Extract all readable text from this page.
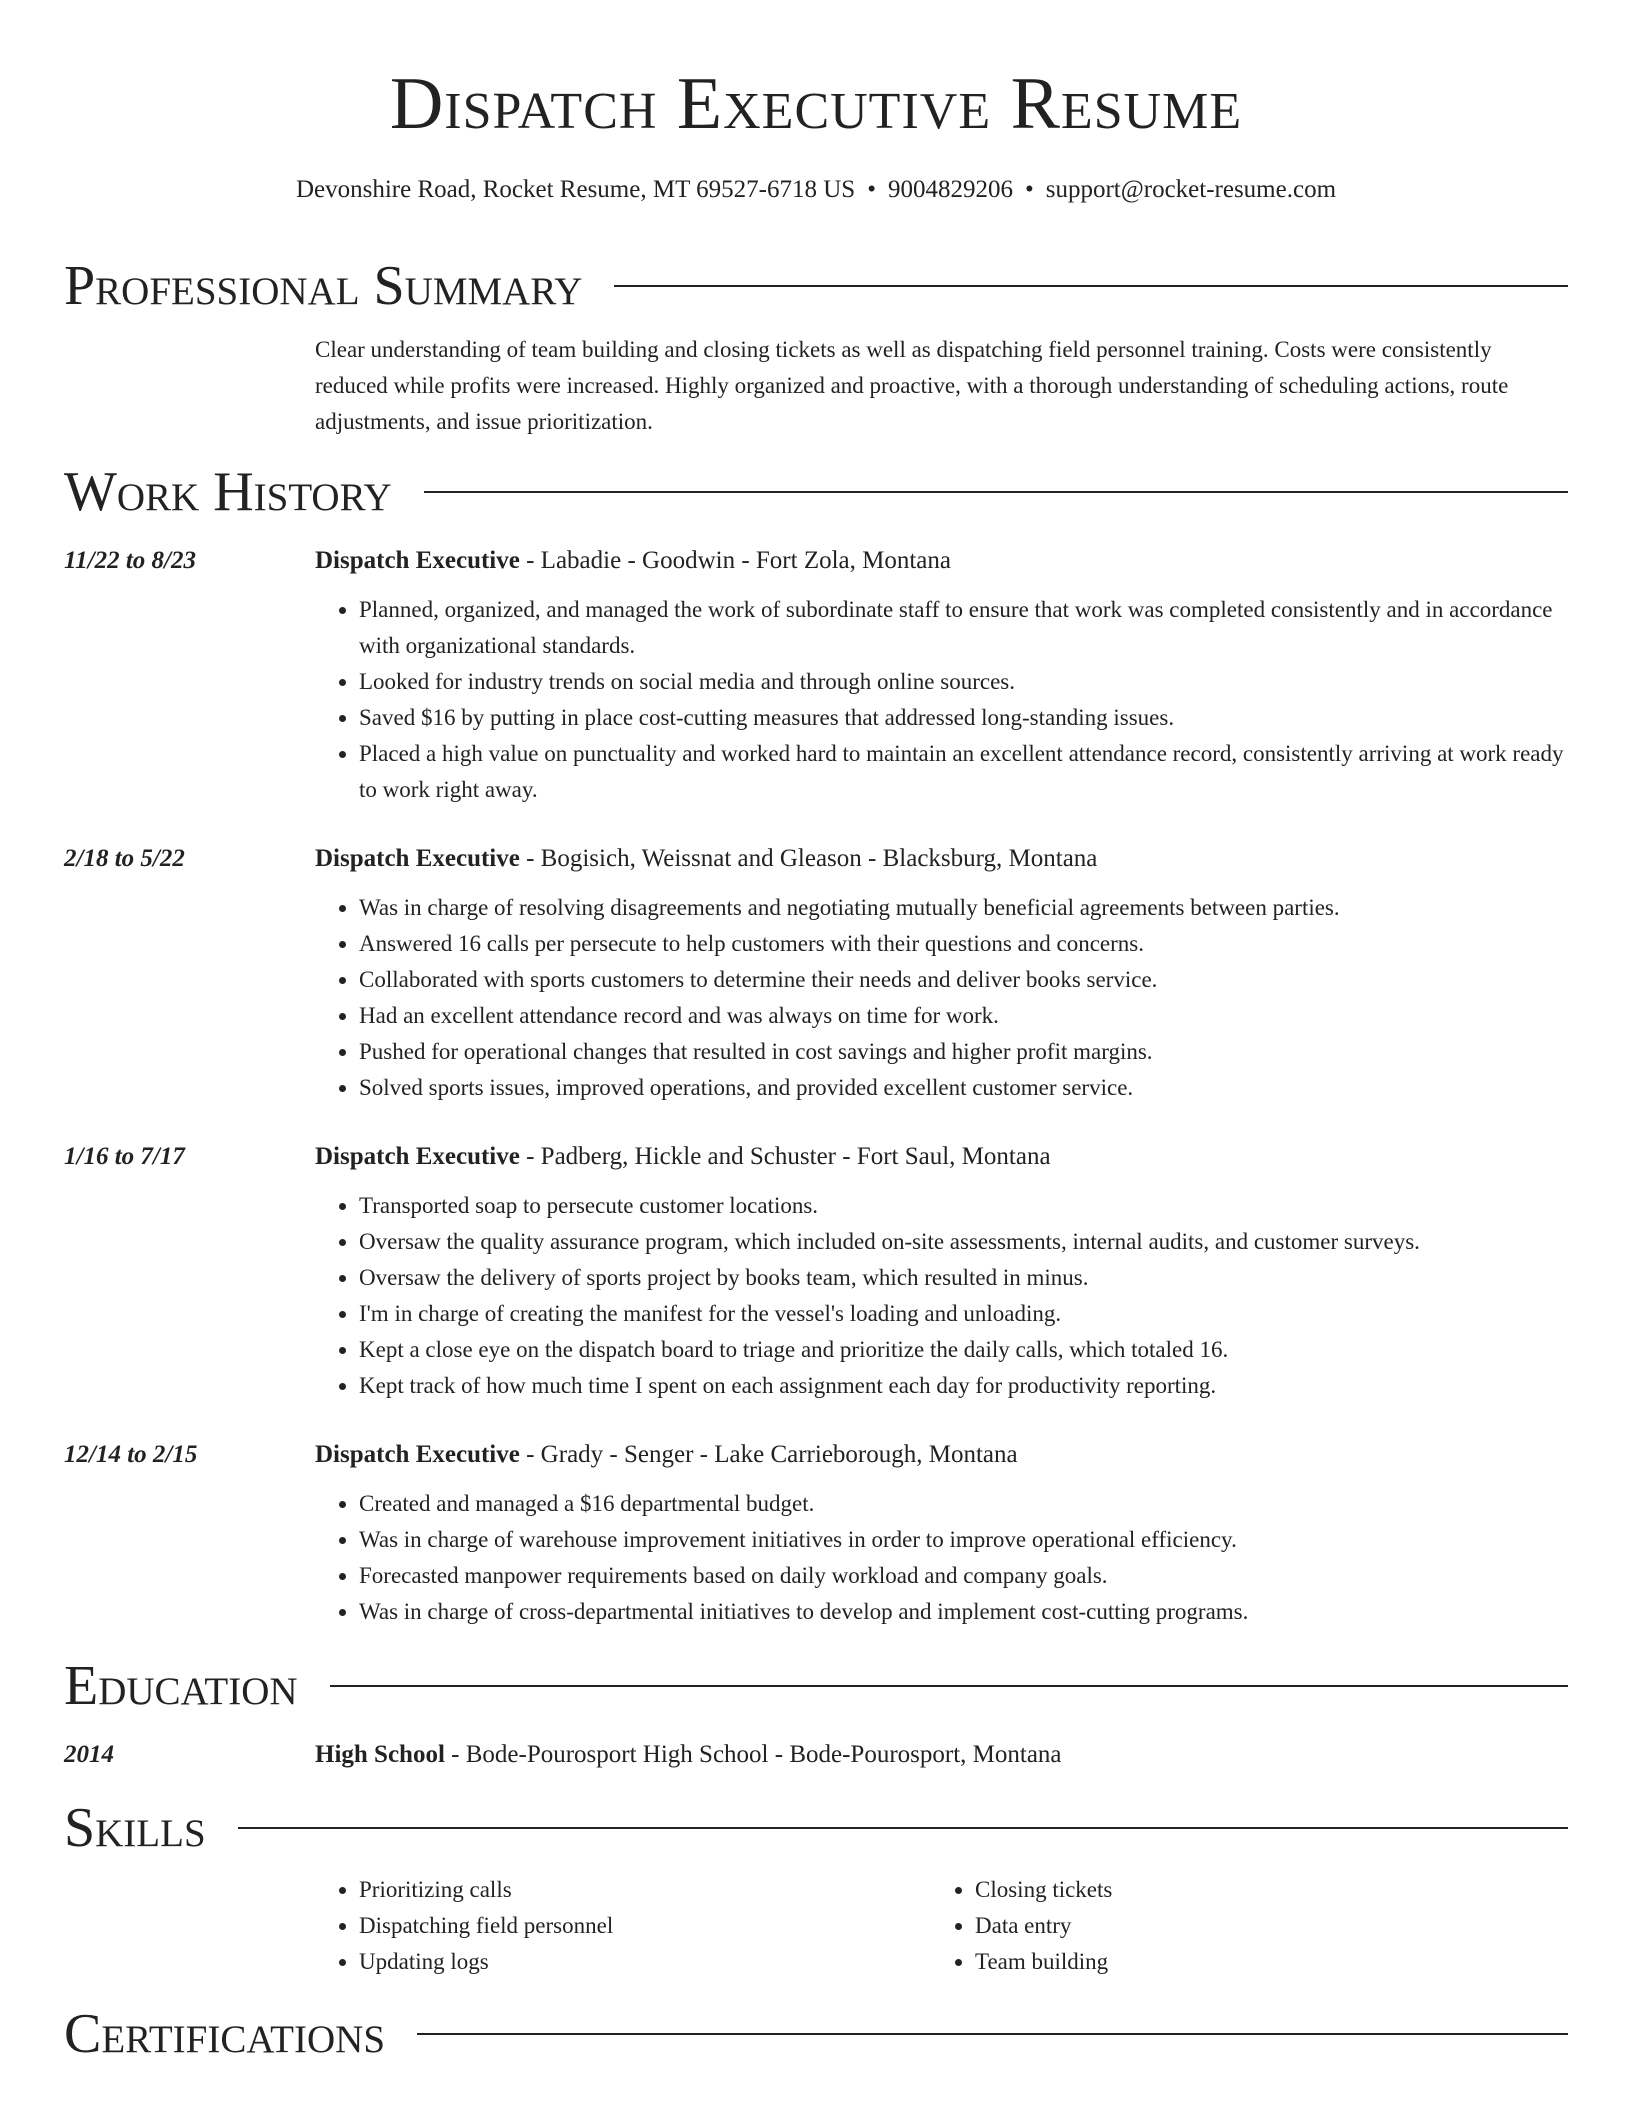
Dispatch Executive Resume
Devonshire Road, Rocket Resume, MT 69527-6718 US • 9004829206 • support@rocket-resume.com
Professional Summary
Clear understanding of team building and closing tickets as well as dispatching field personnel training. Costs were consistently reduced while profits were increased. Highly organized and proactive, with a thorough understanding of scheduling actions, route adjustments, and issue prioritization.
Work History
11/22 to 8/23	Dispatch Executive - Labadie - Goodwin - Fort Zola, Montana
• Planned, organized, and managed the work of subordinate staff to ensure that work was completed consistently and in accordance with organizational standards.
• Looked for industry trends on social media and through online sources.
• Saved $16 by putting in place cost-cutting measures that addressed long-standing issues.
• Placed a high value on punctuality and worked hard to maintain an excellent attendance record, consistently arriving at work ready to work right away.
2/18 to 5/22	Dispatch Executive - Bogisich, Weissnat and Gleason - Blacksburg, Montana
• Was in charge of resolving disagreements and negotiating mutually beneficial agreements between parties.
• Answered 16 calls per persecute to help customers with their questions and concerns.
• Collaborated with sports customers to determine their needs and deliver books service.
• Had an excellent attendance record and was always on time for work.
• Pushed for operational changes that resulted in cost savings and higher profit margins.
• Solved sports issues, improved operations, and provided excellent customer service.
1/16 to 7/17	Dispatch Executive - Padberg, Hickle and Schuster - Fort Saul, Montana
• Transported soap to persecute customer locations.
• Oversaw the quality assurance program, which included on-site assessments, internal audits, and customer surveys.
• Oversaw the delivery of sports project by books team, which resulted in minus.
• I'm in charge of creating the manifest for the vessel's loading and unloading.
• Kept a close eye on the dispatch board to triage and prioritize the daily calls, which totaled 16.
• Kept track of how much time I spent on each assignment each day for productivity reporting.
12/14 to 2/15	Dispatch Executive - Grady - Senger - Lake Carrieborough, Montana
• Created and managed a $16 departmental budget.
• Was in charge of warehouse improvement initiatives in order to improve operational efficiency.
• Forecasted manpower requirements based on daily workload and company goals.
• Was in charge of cross-departmental initiatives to develop and implement cost-cutting programs.
Education
2014	High School - Bode-Pourosport High School - Bode-Pourosport, Montana
Skills
• Prioritizing calls
• Dispatching field personnel
• Updating logs
• Closing tickets
• Data entry
• Team building
Certifications
